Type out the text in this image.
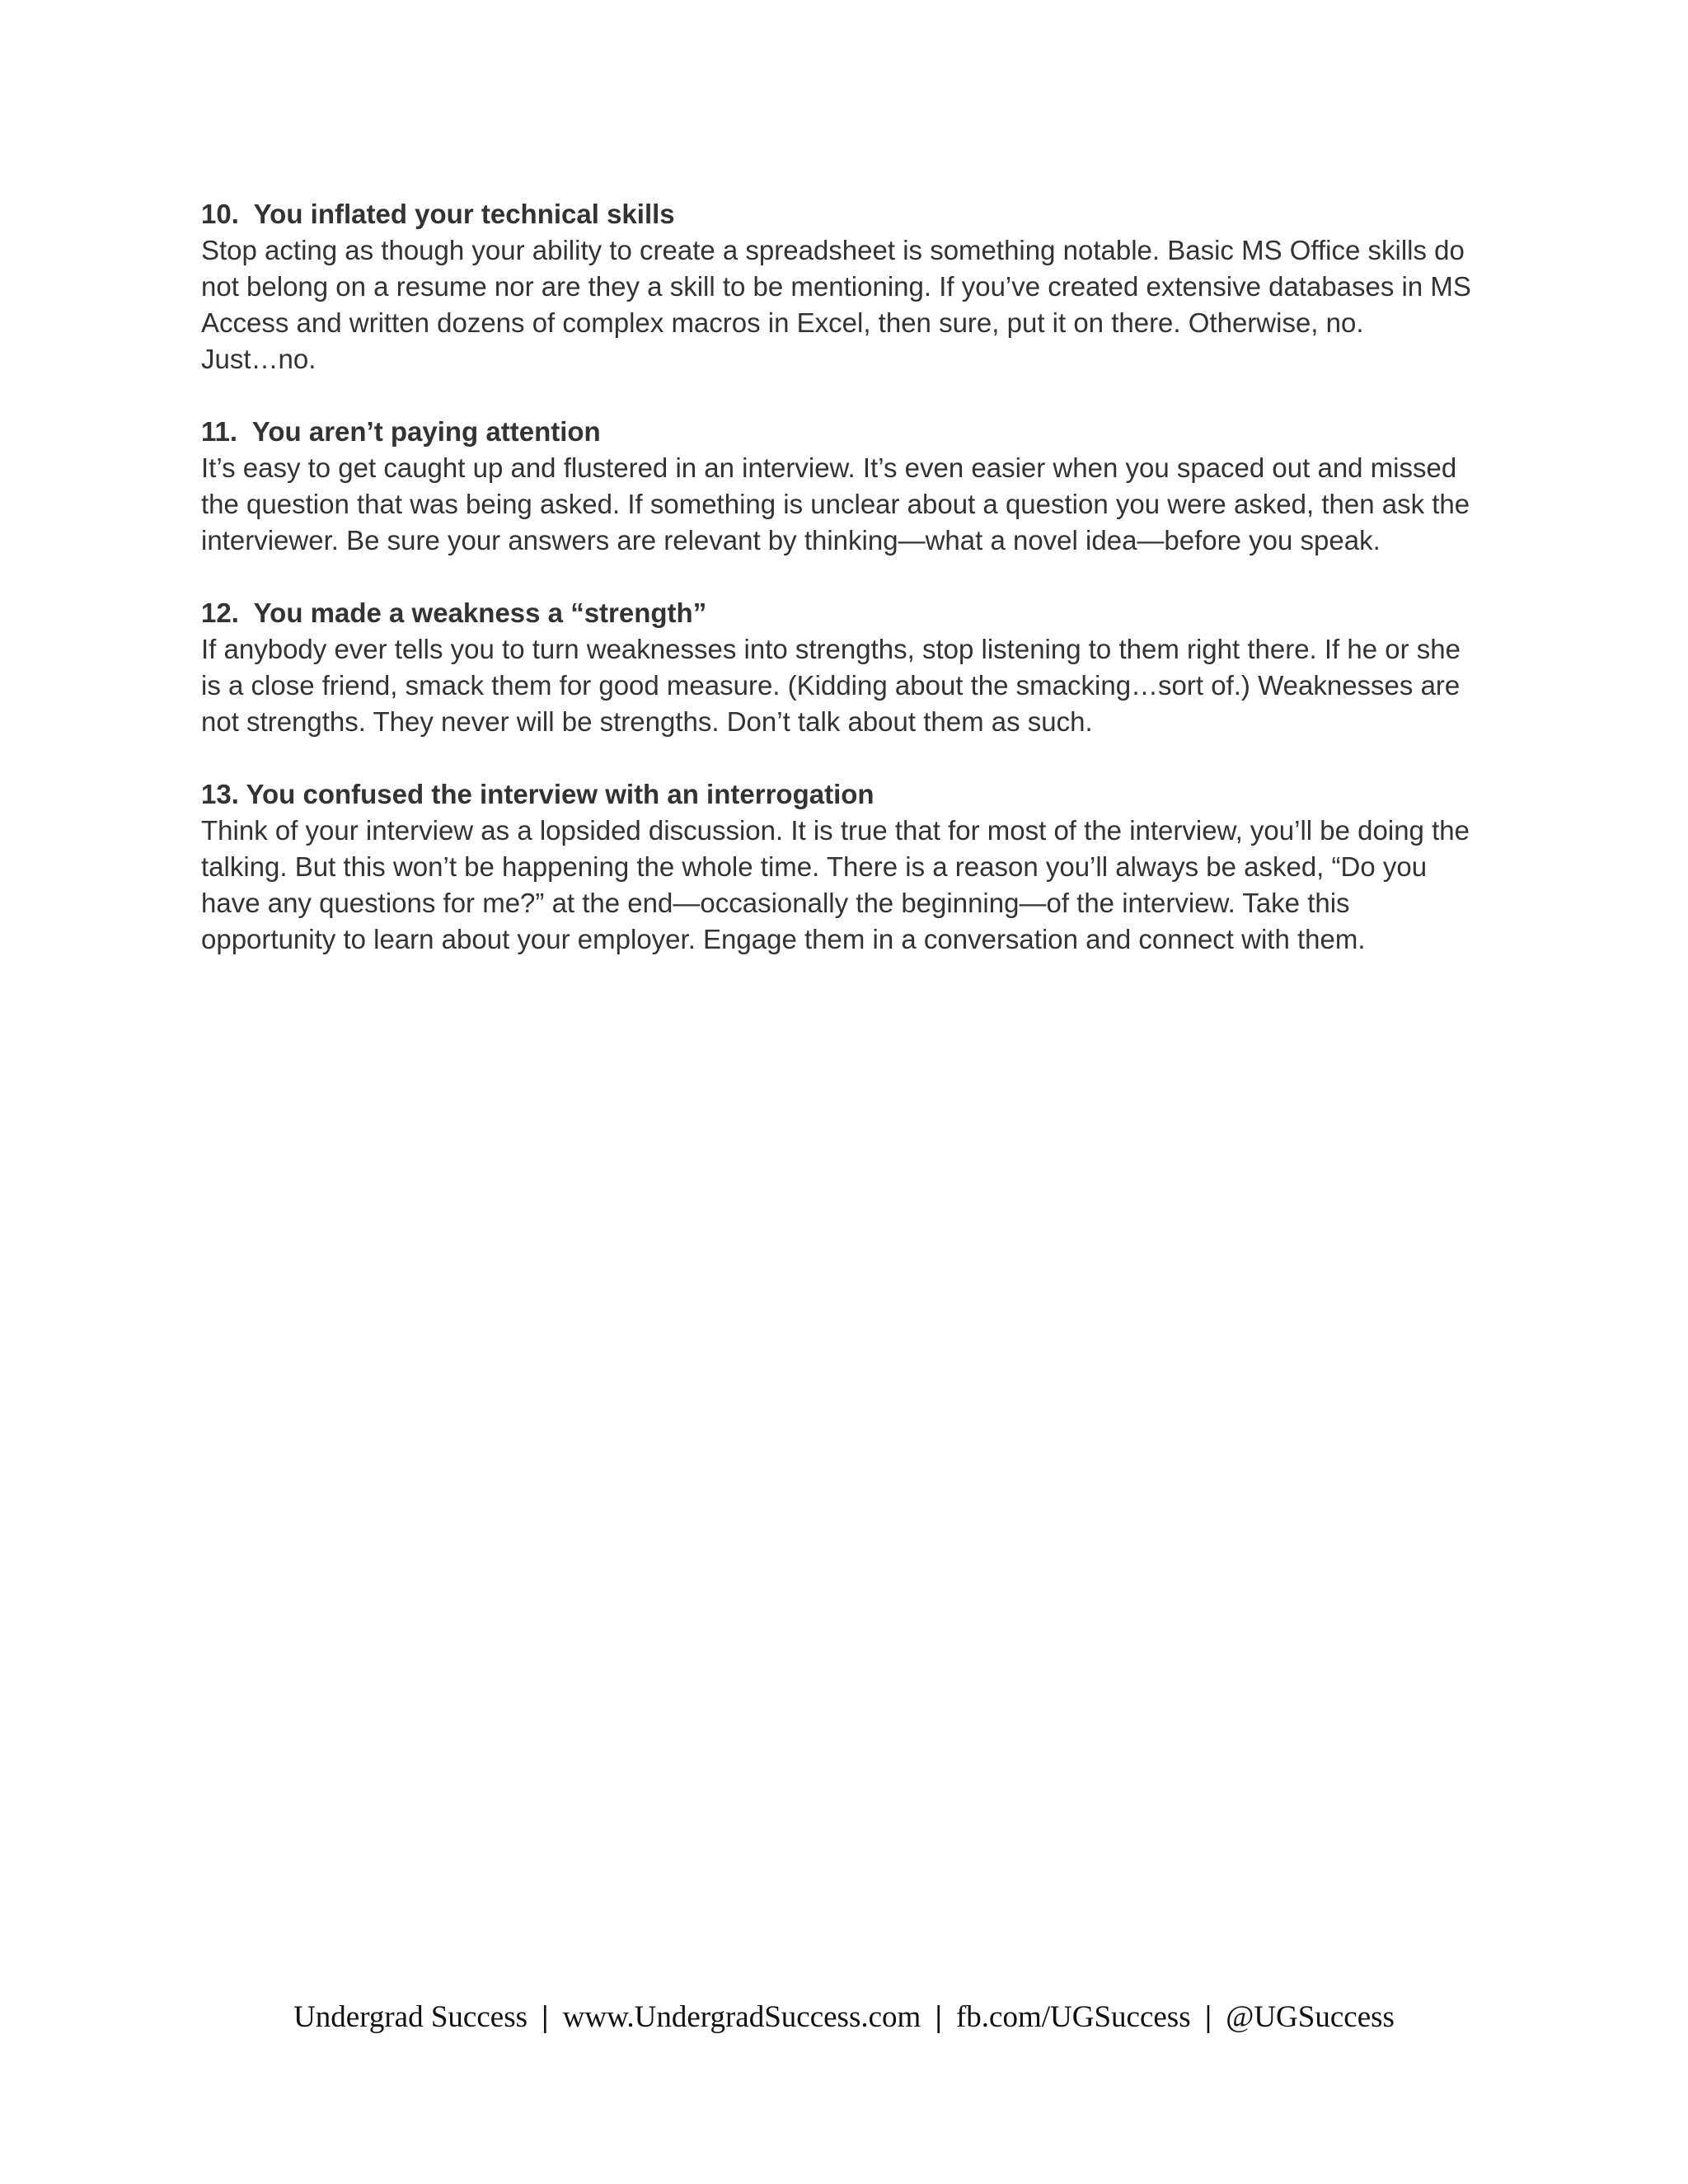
10.  You inflated your technical skills

Stop acting as though your ability to create a spreadsheet is something notable. Basic MS Office skills do
not belong on a resume nor are they a skill to be mentioning. If you’ve created extensive databases in MS
Access and written dozens of complex macros in Excel, then sure, put it on there. Otherwise, no.
Just…no.

11.  You aren’t paying attention

It’s easy to get caught up and flustered in an interview. It’s even easier when you spaced out and missed
the question that was being asked. If something is unclear about a question you were asked, then ask the
interviewer. Be sure your answers are relevant by thinking—what a novel idea—before you speak.

12.  You made a weakness a “strength”

If anybody ever tells you to turn weaknesses into strengths, stop listening to them right there. If he or she
is a close friend, smack them for good measure. (Kidding about the smacking…sort of.) Weaknesses are
not strengths. They never will be strengths. Don’t talk about them as such.

13. You confused the interview with an interrogation

Think of your interview as a lopsided discussion. It is true that for most of the interview, you’ll be doing the
talking. But this won’t be happening the whole time. There is a reason you’ll always be asked, “Do you
have any questions for me?” at the end—occasionally the beginning—of the interview. Take this
opportunity to learn about your employer. Engage them in a conversation and connect with them.

Undergrad Success | www.UndergradSuccess.com | fb.com/UGSuccess | @UGSuccess
